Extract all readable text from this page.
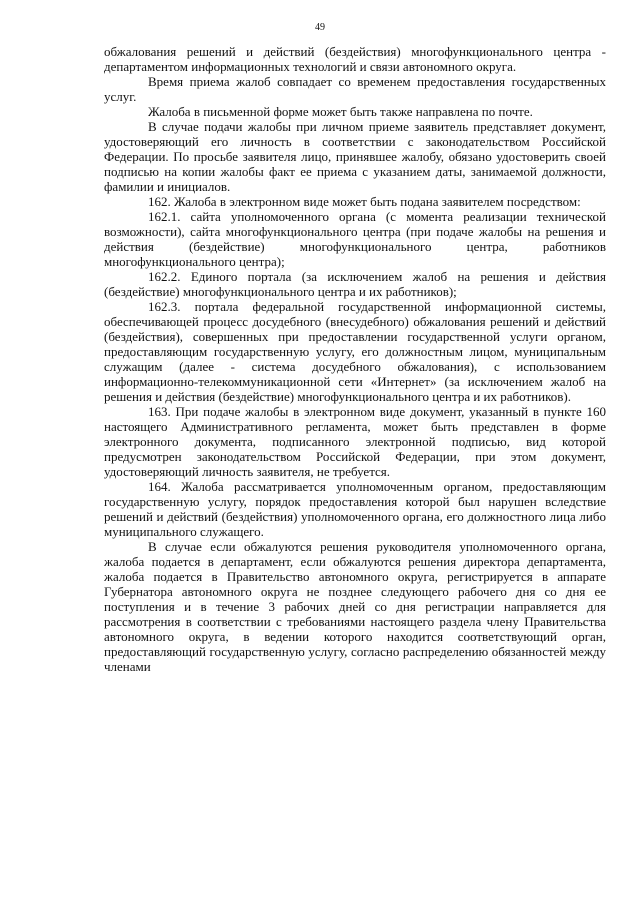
49

обжалования решений и действий (бездействия) многофункционального центра - департаментом информационных технологий и связи автономного округа.

Время приема жалоб совпадает со временем предоставления государственных услуг.

Жалоба в письменной форме может быть также направлена по почте.

В случае подачи жалобы при личном приеме заявитель представляет документ, удостоверяющий его личность в соответствии с законодательством Российской Федерации. По просьбе заявителя лицо, принявшее жалобу, обязано удостоверить своей подписью на копии жалобы факт ее приема с указанием даты, занимаемой должности, фамилии и инициалов.

162. Жалоба в электронном виде может быть подана заявителем посредством:

162.1. сайта уполномоченного органа (с момента реализации технической возможности), сайта многофункционального центра (при подаче жалобы на решения и действия (бездействие) многофункционального центра, работников многофункционального центра);

162.2. Единого портала (за исключением жалоб на решения и действия (бездействие) многофункционального центра и их работников);

162.3. портала федеральной государственной информационной системы, обеспечивающей процесс досудебного (внесудебного) обжалования решений и действий (бездействия), совершенных при предоставлении государственной услуги органом, предоставляющим государственную услугу, его должностным лицом, муниципальным служащим (далее - система досудебного обжалования), с использованием информационно-телекоммуникационной сети «Интернет» (за исключением жалоб на решения и действия (бездействие) многофункционального центра и их работников).

163. При подаче жалобы в электронном виде документ, указанный в пункте 160 настоящего Административного регламента, может быть представлен в форме электронного документа, подписанного электронной подписью, вид которой предусмотрен законодательством Российской Федерации, при этом документ, удостоверяющий личность заявителя, не требуется.

164. Жалоба рассматривается уполномоченным органом, предоставляющим государственную услугу, порядок предоставления которой был нарушен вследствие решений и действий (бездействия) уполномоченного органа, его должностного лица либо муниципального служащего.

В случае если обжалуются решения руководителя уполномоченного органа, жалоба подается в департамент, если обжалуются решения директора департамента, жалоба подается в Правительство автономного округа, регистрируется в аппарате Губернатора автономного округа не позднее следующего рабочего дня со дня ее поступления и в течение 3 рабочих дней со дня регистрации направляется для рассмотрения в соответствии с требованиями настоящего раздела члену Правительства автономного округа, в ведении которого находится соответствующий орган, предоставляющий государственную услугу, согласно распределению обязанностей между членами
